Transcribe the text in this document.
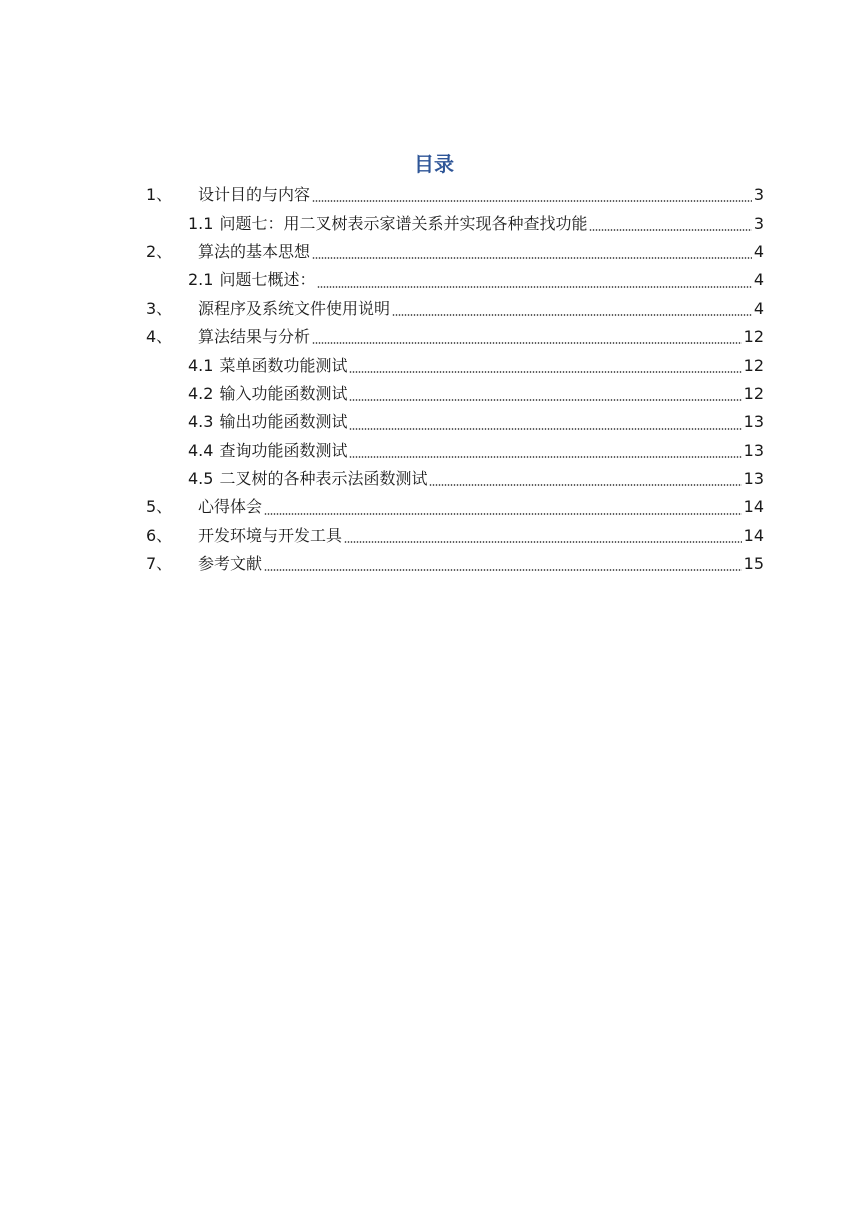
目录
1、	设计目的与内容	3
1.1 问题七：用二叉树表示家谱关系并实现各种查找功能	3
2、	算法的基本思想	4
2.1 问题七概述：	4
3、	源程序及系统文件使用说明	4
4、	算法结果与分析	12
4.1 菜单函数功能测试	12
4.2 输入功能函数测试	12
4.3 输出功能函数测试	13
4.4 查询功能函数测试	13
4.5 二叉树的各种表示法函数测试	13
5、	心得体会	14
6、	开发环境与开发工具	14
7、	参考文献	15
